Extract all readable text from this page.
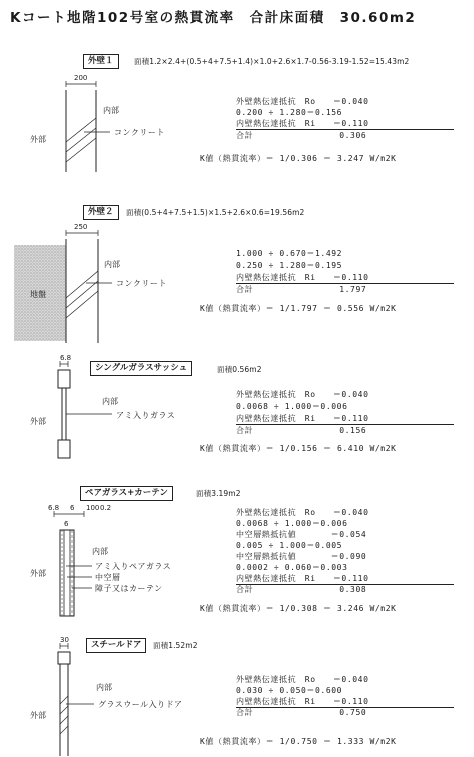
Kコート地階102号室の熱貫流率　合計床面積　30.60m2
外壁１	面積1.2×2.4+(0.5+4+7.5+1.4)×1.0+2.6×1.7-0.56-3.19-1.52=15.43m2
200
内部
外部
コンクリート
外壁熱伝達抵抗　Ro　　＝0.040
0.200 ÷ 1.280＝0.156
内壁熱伝達抵抗　Ri　　＝0.110
合計　　　　　　　　　　0.306
K値（熱貫流率）＝ 1/0.306 ＝ 3.247 W/m2K
外壁２	面積(0.5+4+7.5+1.5)×1.5+2.6×0.6=19.56m2
250
内部
地盤
コンクリート
1.000 ÷ 0.670＝1.492
0.250 ÷ 1.280＝0.195
内壁熱伝達抵抗　Ri　　＝0.110
合計　　　　　　　　　　1.797
K値（熱貫流率）＝ 1/1.797 ＝ 0.556 W/m2K
6.8
シングルガラスサッシュ	面積0.56m2
内部
外部
アミ入りガラス
外壁熱伝達抵抗　Ro　　＝0.040
0.0068 ÷ 1.000＝0.006
内壁熱伝達抵抗　Ri　　＝0.110
合計　　　　　　　　　　0.156
K値（熱貫流率）＝ 1/0.156 ＝ 6.410 W/m2K
ペアガラス+カーテン	面積3.19m2
6.8 6 100 0.2
6
内部
外部
アミ入りペアガラス
中空層
障子又はカーテン
外壁熱伝達抵抗　Ro　　＝0.040
0.0068 ÷ 1.000＝0.006
中空層熱抵抗値　　　　＝0.054
0.005 ÷ 1.000＝0.005
中空層熱抵抗値　　　　＝0.090
0.0002 ÷ 0.060＝0.003
内壁熱伝達抵抗　Ri　　＝0.110
合計　　　　　　　　　　0.308
K値（熱貫流率）＝ 1/0.308 ＝ 3.246 W/m2K
30	スチールドア	面積1.52m2
内部
外部
グラスウール入りドア
外壁熱伝達抵抗　Ro　　＝0.040
0.030 ÷ 0.050＝0.600
内壁熱伝達抵抗　Ri　　＝0.110
合計　　　　　　　　　　0.750
K値（熱貫流率）＝ 1/0.750 ＝ 1.333 W/m2K
